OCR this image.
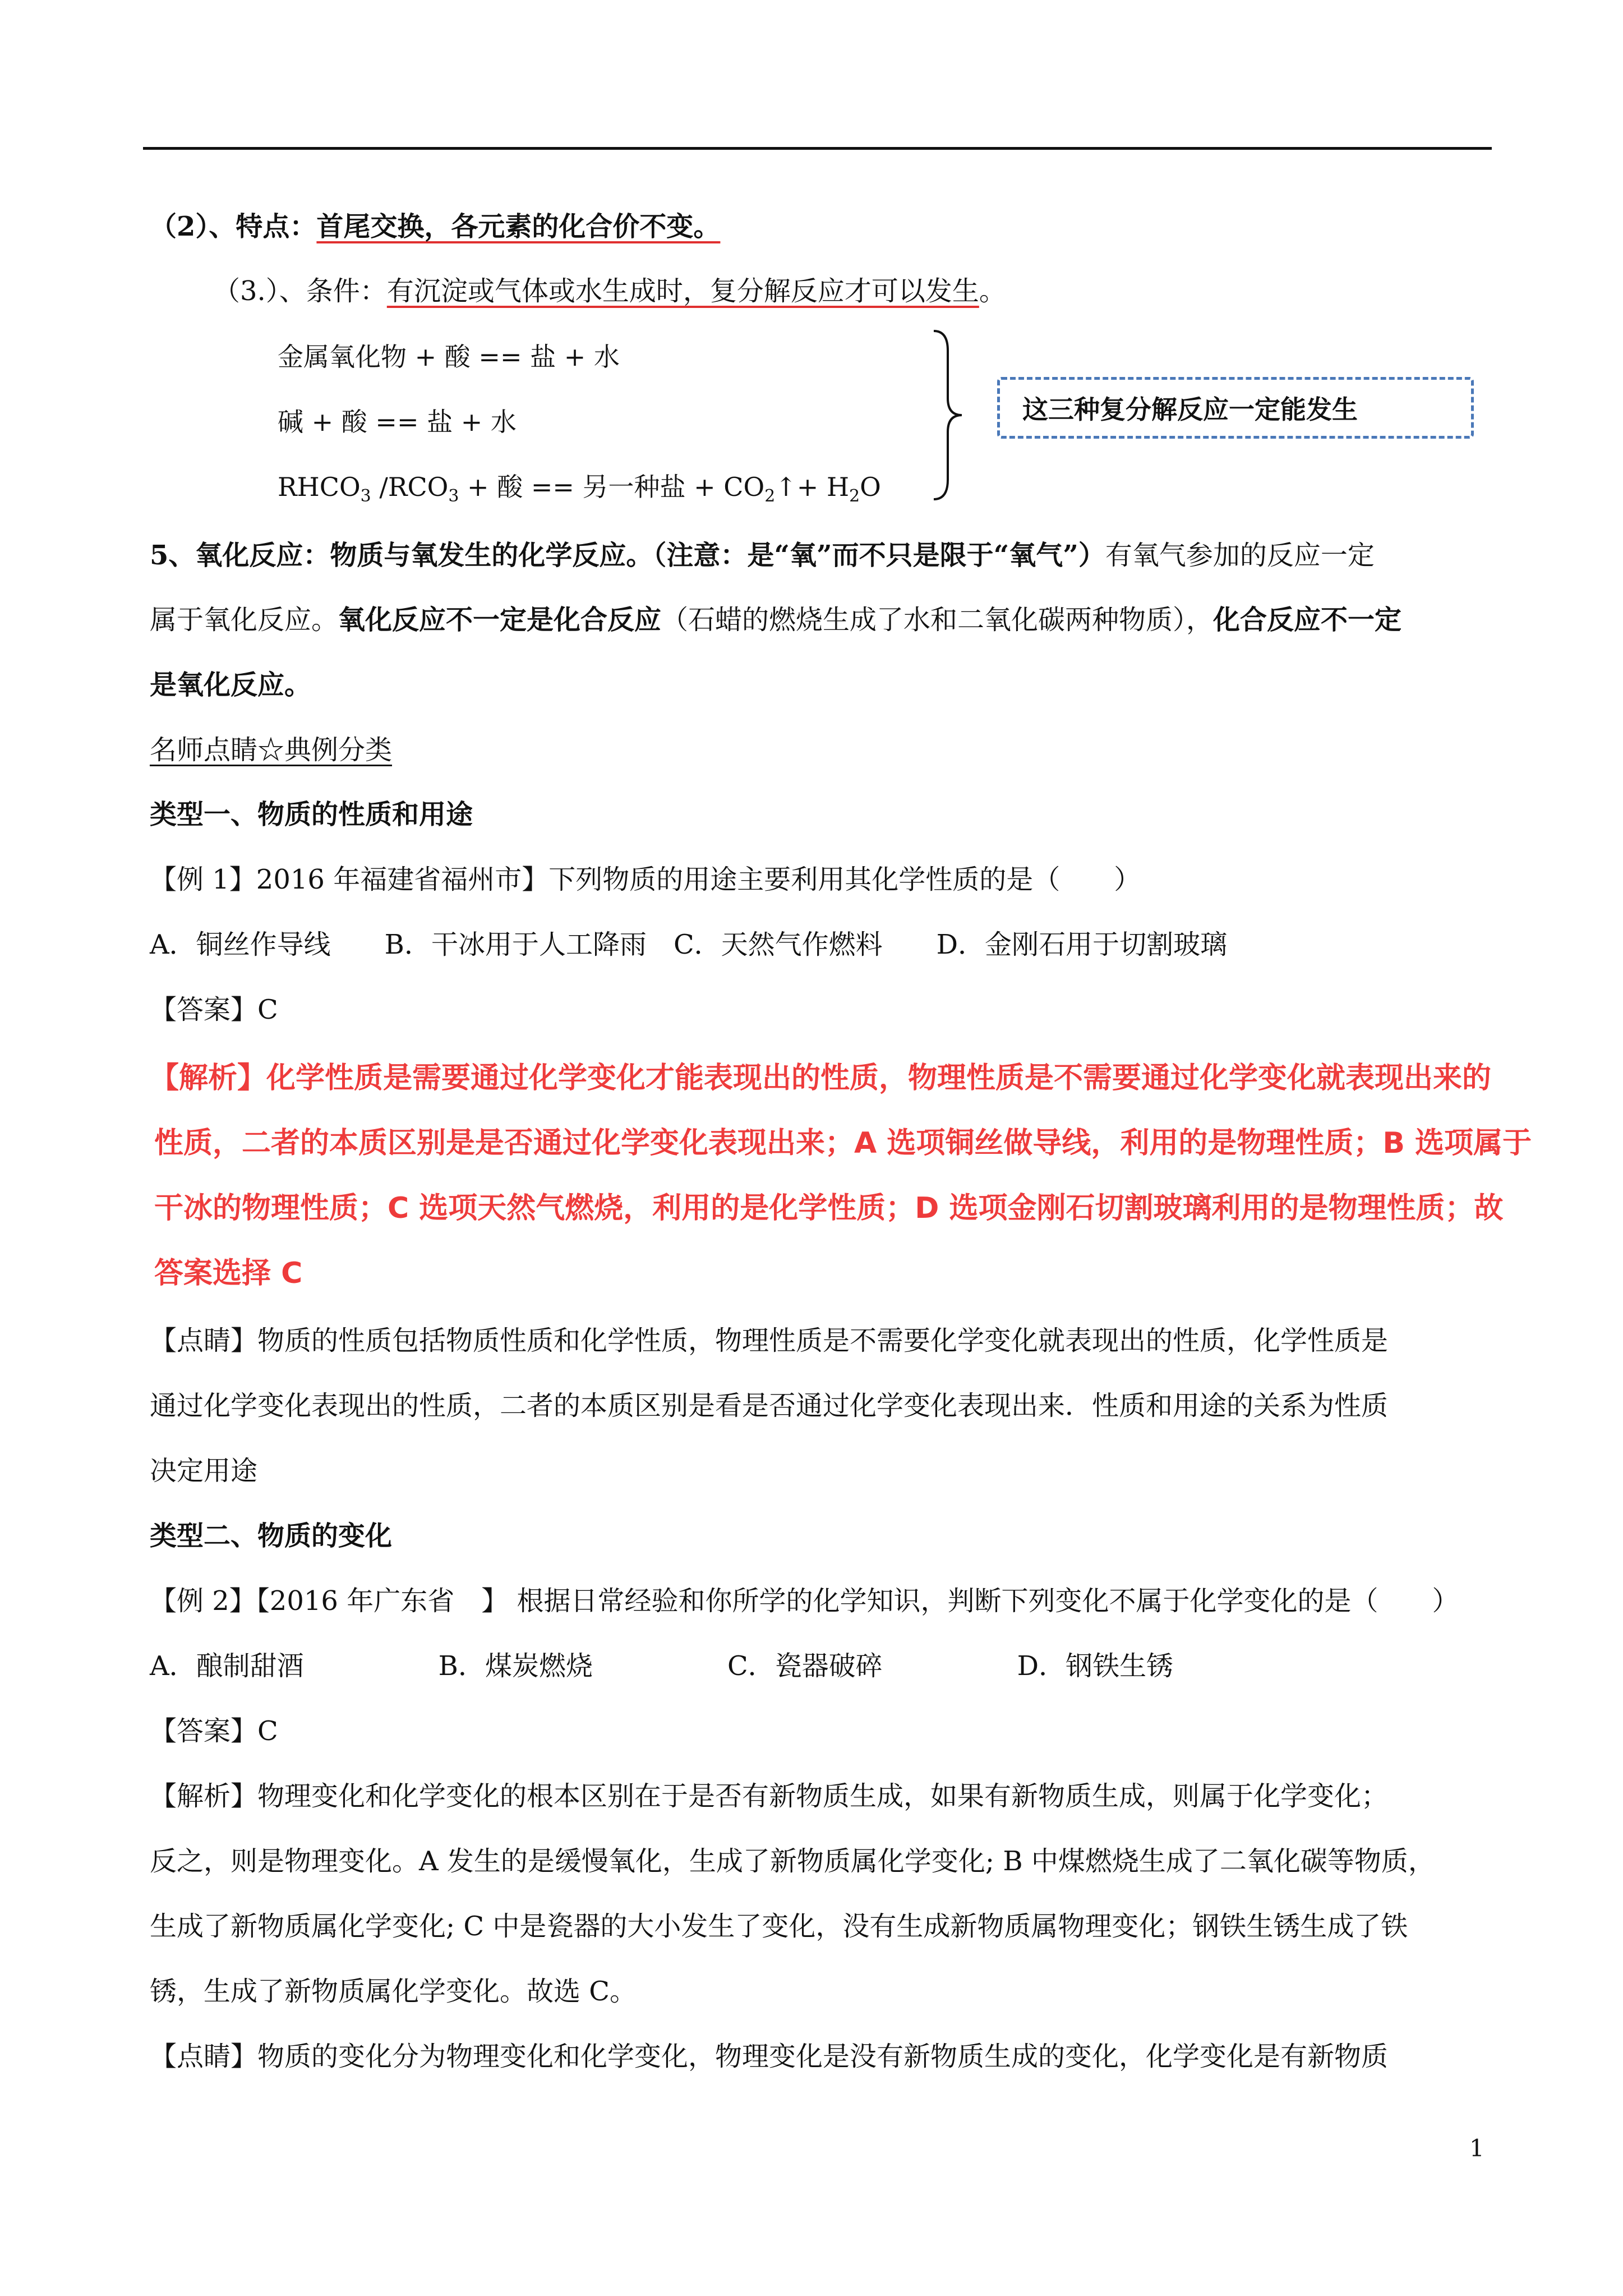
（2）、特点：首尾交换，各元素的化合价不变。
（3.）、条件：有沉淀或气体或水生成时，复分解反应才可以发生。
金属氧化物 + 酸 == 盐 + 水
碱 + 酸 == 盐 + 水
$RHCO_3$ $/RCO_3$ + 酸 == 另一种盐 + $CO_2↑+ H_2O$
这三种复分解反应一定能发生
5、氧化反应：物质与氧发生的化学反应。（注意：是“氧”而不只是限于“氧气”）有氧气参加的反应一定
属于氧化反应。氧化反应不一定是化合反应（石蜡的燃烧生成了水和二氧化碳两种物质），化合反应不一定
是氧化反应。
名师点睛☆典例分类
类型一、物质的性质和用途
【例 1】2016 年福建省福州市】下列物质的用途主要利用其化学性质的是（　　）
A．铜丝作导线　　B．干冰用于人工降雨　C．天然气作燃料　　D．金刚石用于切割玻璃
【答案】C
【解析】化学性质是需要通过化学变化才能表现出的性质，物理性质是不需要通过化学变化就表现出来的
性质，二者的本质区别是是否通过化学变化表现出来；A 选项铜丝做导线，利用的是物理性质；B 选项属于
干冰的物理性质；C 选项天然气燃烧，利用的是化学性质；D 选项金刚石切割玻璃利用的是物理性质；故
答案选择 C
【点睛】物质的性质包括物质性质和化学性质，物理性质是不需要化学变化就表现出的性质，化学性质是
通过化学变化表现出的性质，二者的本质区别是看是否通过化学变化表现出来．性质和用途的关系为性质
决定用途
类型二、物质的变化
【例 2】【2016 年广东省　】 根据日常经验和你所学的化学知识，判断下列变化不属于化学变化的是（　　）
A．酿制甜酒　　　　　B．煤炭燃烧　　　　　C．瓷器破碎　　　　　D．钢铁生锈
【答案】C
【解析】物理变化和化学变化的根本区别在于是否有新物质生成，如果有新物质生成，则属于化学变化；
反之，则是物理变化。A 发生的是缓慢氧化，生成了新物质属化学变化; B 中煤燃烧生成了二氧化碳等物质，
生成了新物质属化学变化; C 中是瓷器的大小发生了变化，没有生成新物质属物理变化；钢铁生锈生成了铁
锈，生成了新物质属化学变化。故选 C。
【点睛】物质的变化分为物理变化和化学变化，物理变化是没有新物质生成的变化，化学变化是有新物质
1
